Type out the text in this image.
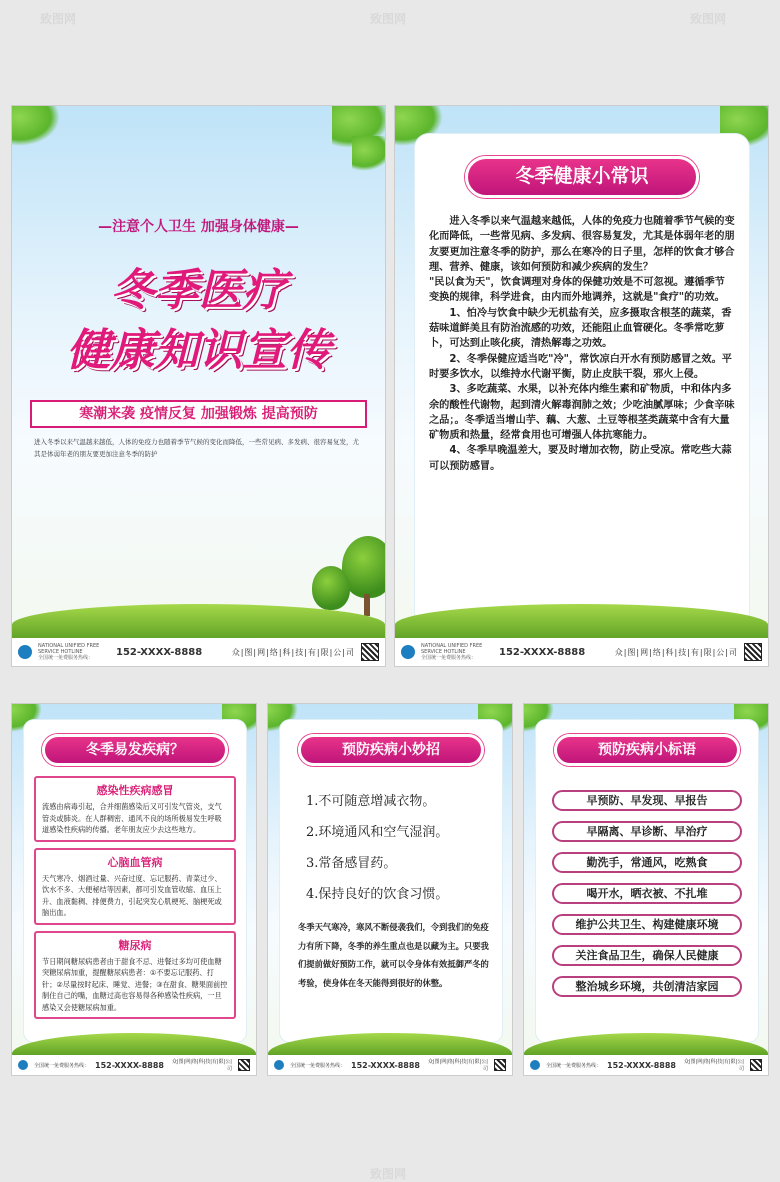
致图网	致图网	致图网
致图网
—注意个人卫生 加强身体健康—
冬季医疗
健康知识宣传
寒潮来袭 疫情反复 加强锻炼 提高预防
进入冬季以来气温越来越低，人体的免疫力也随着季节气候的变化而降低，一些常见病、多发病、很容易复发，尤其是体弱年老的朋友要更加注意冬季的防护
NATIONAL UNIFIED FREE SERVICE HOTLINE
全国统一免费服务热线：
152-XXXX-8888	众|图|网|络|科|技|有|限|公|司
冬季健康小常识

进入冬季以来气温越来越低，人体的免疫力也随着季节气候的变化而降低，一些常见病、多发病、很容易复发，尤其是体弱年老的朋友要更加注意冬季的防护，那么在寒冷的日子里，怎样的饮食才够合理、营养、健康，该如何预防和减少疾病的发生？

"民以食为天"，饮食调理对身体的保健功效是不可忽视。遵循季节变换的规律，科学进食，由内而外地调养，这就是"食疗"的功效。

1、怕冷与饮食中缺少无机盐有关，应多摄取含根茎的蔬菜，香菇味道鲜美且有防治流感的功效，还能阻止血管硬化。冬季常吃萝卜，可达到止咳化痰，清热解毒之功效。

2、冬季保健应适当吃"冷"，常饮凉白开水有预防感冒之效。平时要多饮水，以维持水代谢平衡，防止皮肤干裂，邪火上侵。

3、多吃蔬菜、水果，以补充体内维生素和矿物质，中和体内多余的酸性代谢物，起到清火解毒润肺之效；少吃油腻厚味；少食辛味之品；。冬季适当增山芋、藕、大葱、土豆等根茎类蔬菜中含有大量矿物质和热量，经常食用也可增强人体抗寒能力。

4、冬季早晚温差大，要及时增加衣物，防止受凉。常吃些大蒜可以预防感冒。

NATIONAL UNIFIED FREE SERVICE HOTLINE
全国统一免费服务热线：
152-XXXX-8888	众|图|网|络|科|技|有|限|公|司
冬季易发疾病？
感染性疾病感冒

流感由病毒引起，合并细菌感染后又可引发气管炎，支气管炎或肺炎。在人群稠密、通风不良的场所极易发生呼吸道感染性疾病的传播。老年朋友应少去这些地方。

心脑血管病

天气寒冷、烟酒过量、兴奋过度、忘记服药、青菜过少、饮水不多、大便秘结等因素，都可引发血管收缩、血压上升、血液黏稠、排便费力，引起突发心肌梗死、脑梗死或脑出血。

糖尿病

节日期间糖尿病患者由于甜食不忌、进餐过多均可使血糖突糖尿病加重，提醒糖尿病患者：①不要忘记服药、打针；②尽量按时起床、睡觉、进餐；③在甜食、糖果面前控制住自己的嘴，血糖过高也容易得各种感染性疾病，一旦感染又会使糖尿病加重。

全国统一免费服务热线： 152-XXXX-8888	众|图|网|络|科|技|有|限|公|司
预防疾病小妙招
1.不可随意增减衣物。
2.环境通风和空气湿润。
3.常备感冒药。
4.保持良好的饮食习惯。
冬季天气寒冷，寒风不断侵袭我们，令到我们的免疫力有所下降，冬季的养生重点也是以藏为主。只要我们提前做好预防工作，就可以令身体有效抵御严冬的考验，使身体在冬天能得到很好的休整。
全国统一免费服务热线： 152-XXXX-8888	众|图|网|络|科|技|有|限|公|司
预防疾病小标语
早预防、早发现、早报告
早隔离、早诊断、早治疗
勤洗手，常通风，吃熟食
喝开水，晒衣被、不扎堆
维护公共卫生、构建健康环境
关注食品卫生，确保人民健康
整治城乡环境，共创清洁家园
全国统一免费服务热线： 152-XXXX-8888	众|图|网|络|科|技|有|限|公|司
